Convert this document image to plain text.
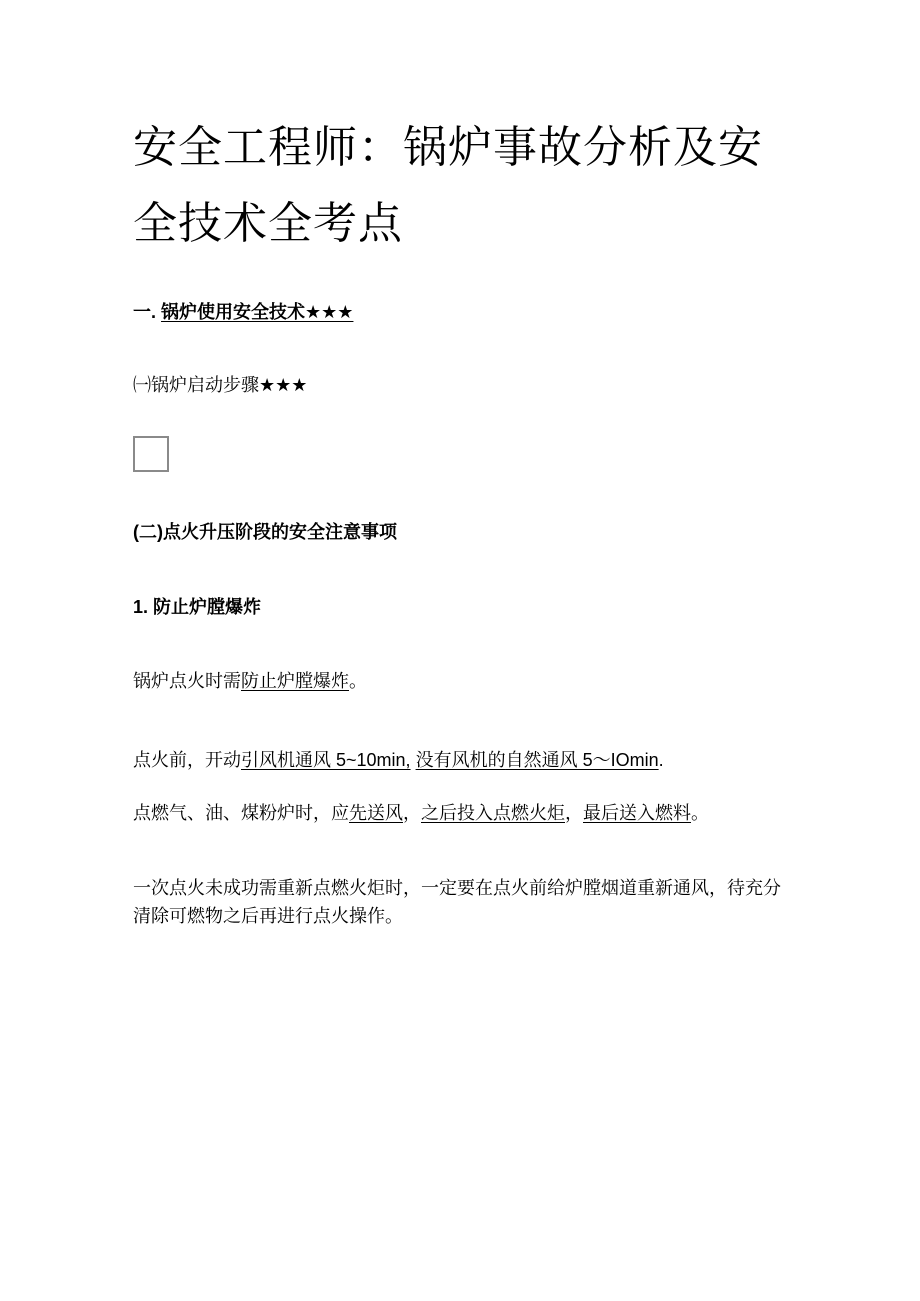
安全工程师：锅炉事故分析及安全技术全考点

一. 锅炉使用安全技术★★★

㈠锅炉启动步骤★★★

(二)点火升压阶段的安全注意事项

1. 防止炉膛爆炸

锅炉点火时需防止炉膛爆炸。

点火前，开动引风机通风 5~10min, 没有风机的自然通风 5～IOmin.

点燃气、油、煤粉炉时，应先送风，之后投入点燃火炬，最后送入燃料。

一次点火未成功需重新点燃火炬时，一定要在点火前给炉膛烟道重新通风，待充分清除可燃物之后再进行点火操作。
